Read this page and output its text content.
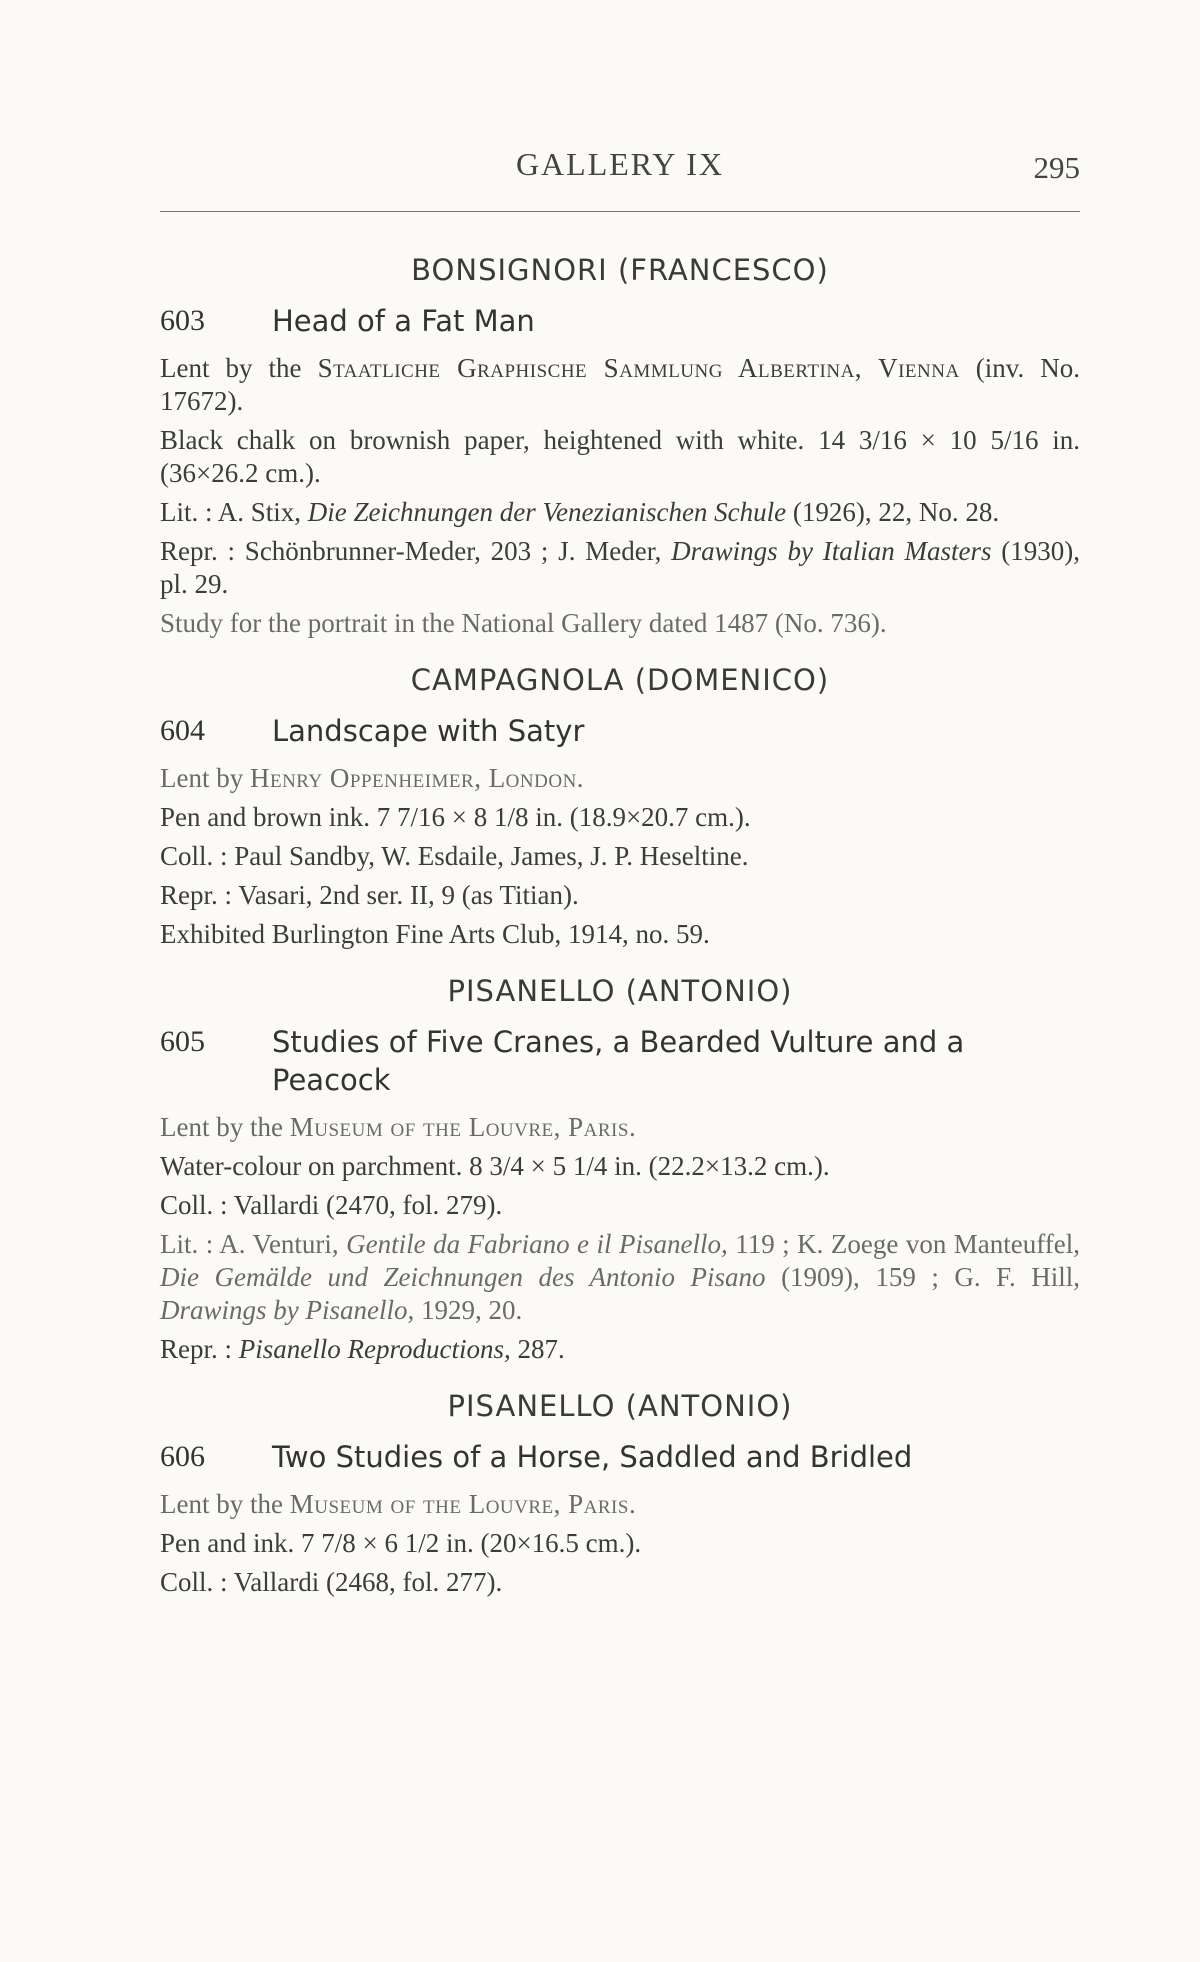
GALLERY IX	295
BONSIGNORI (FRANCESCO)
603	Head of a Fat Man

Lent by the Staatliche Graphische Sammlung Albertina, Vienna (inv. No. 17672).

Black chalk on brownish paper, heightened with white. 14 3/16 × 10 5/16 in. (36×26.2 cm.).

Lit. : A. Stix, Die Zeichnungen der Venezianischen Schule (1926), 22, No. 28.

Repr. : Schönbrunner-Meder, 203 ; J. Meder, Drawings by Italian Masters (1930), pl. 29.

Study for the portrait in the National Gallery dated 1487 (No. 736).

CAMPAGNOLA (DOMENICO)
604	Landscape with Satyr

Lent by Henry Oppenheimer, London.

Pen and brown ink. 7 7/16 × 8 1/8 in. (18.9×20.7 cm.).

Coll. : Paul Sandby, W. Esdaile, James, J. P. Heseltine.

Repr. : Vasari, 2nd ser. II, 9 (as Titian).

Exhibited Burlington Fine Arts Club, 1914, no. 59.

PISANELLO (ANTONIO)
605	Studies of Five Cranes, a Bearded Vulture and a Peacock

Lent by the Museum of the Louvre, Paris.

Water-colour on parchment. 8 3/4 × 5 1/4 in. (22.2×13.2 cm.).

Coll. : Vallardi (2470, fol. 279).

Lit. : A. Venturi, Gentile da Fabriano e il Pisanello, 119 ; K. Zoege von Manteuffel, Die Gemälde und Zeichnungen des Antonio Pisano (1909), 159 ; G. F. Hill, Drawings by Pisanello, 1929, 20.

Repr. : Pisanello Reproductions, 287.

PISANELLO (ANTONIO)
606	Two Studies of a Horse, Saddled and Bridled

Lent by the Museum of the Louvre, Paris.

Pen and ink. 7 7/8 × 6 1/2 in. (20×16.5 cm.).

Coll. : Vallardi (2468, fol. 277).
